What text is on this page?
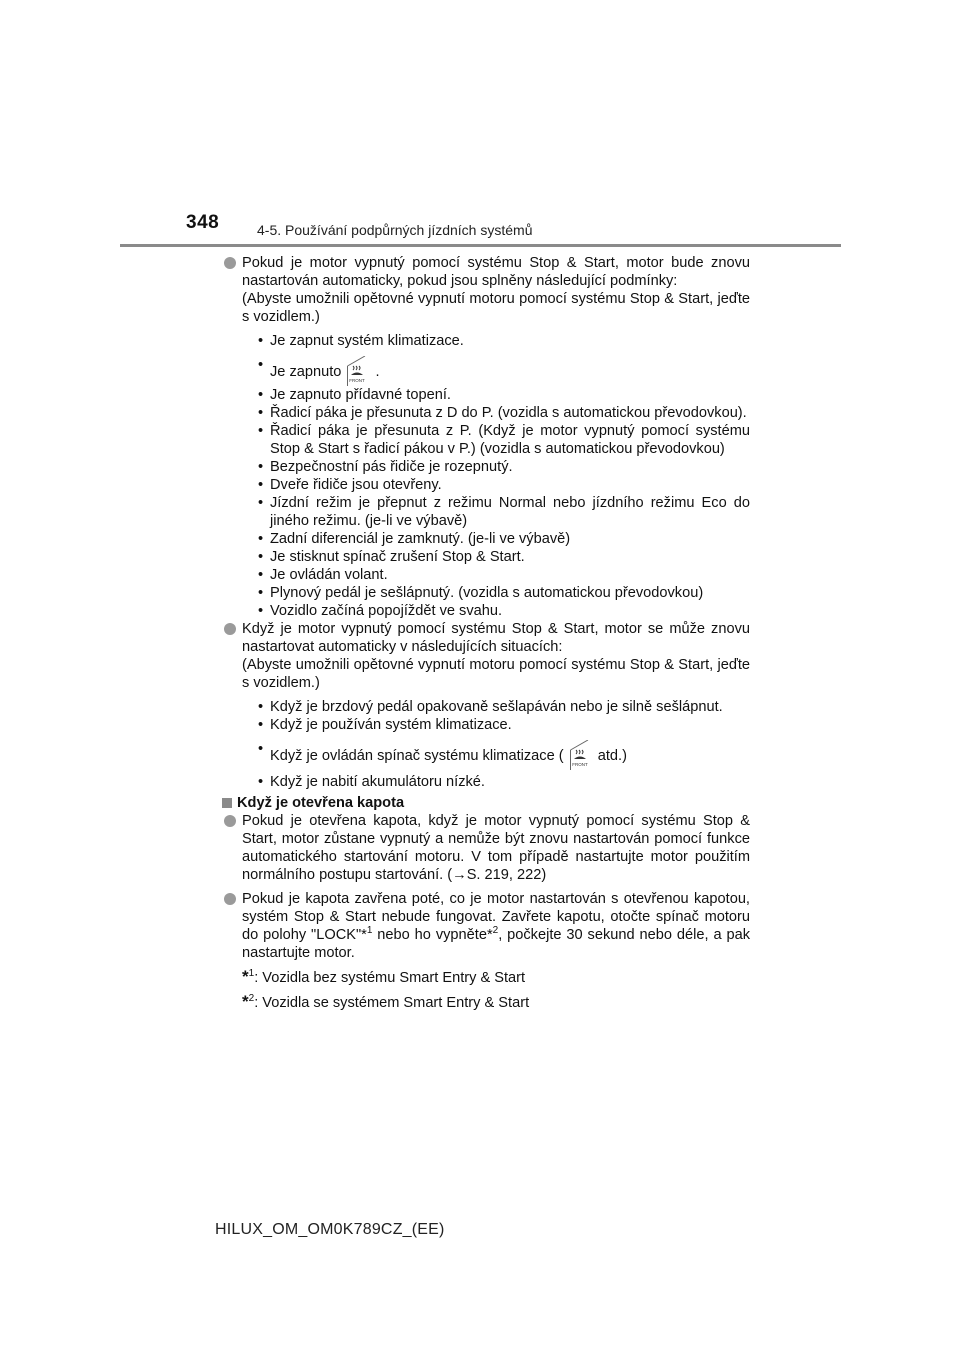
348	4-5. Používání podpůrných jízdních systémů
Pokud je motor vypnutý pomocí systému Stop & Start, motor bude znovu nastartován automaticky, pokud jsou splněny následující podmínky:
(Abyste umožnili opětovné vypnutí motoru pomocí systému Stop & Start, jeďte s vozidlem.)
• Je zapnut systém klimatizace.
• Je zapnuto
FRONT
.
• Je zapnuto přídavné topení.
• Řadicí páka je přesunuta z D do P. (vozidla s automatickou převodovkou).
• Řadicí páka je přesunuta z P. (Když je motor vypnutý pomocí systému Stop & Start s řadicí pákou v P.) (vozidla s automatickou převodovkou)
• Bezpečnostní pás řidiče je rozepnutý.
• Dveře řidiče jsou otevřeny.
• Jízdní režim je přepnut z režimu Normal nebo jízdního režimu Eco do jiného režimu. (je-li ve výbavě)
• Zadní diferenciál je zamknutý. (je-li ve výbavě)
• Je stisknut spínač zrušení Stop & Start.
• Je ovládán volant.
• Plynový pedál je sešlápnutý. (vozidla s automatickou převodovkou)
• Vozidlo začíná popojíždět ve svahu.
Když je motor vypnutý pomocí systému Stop & Start, motor se může znovu nastartovat automaticky v následujících situacích:
(Abyste umožnili opětovné vypnutí motoru pomocí systému Stop & Start, jeďte s vozidlem.)
• Když je brzdový pedál opakovaně sešlapáván nebo je silně sešlápnut.
• Když je používán systém klimatizace.
• Když je ovládán spínač systému klimatizace (
FRONT
atd.)
• Když je nabití akumulátoru nízké.
Když je otevřena kapota
Pokud je otevřena kapota, když je motor vypnutý pomocí systému Stop & Start, motor zůstane vypnutý a nemůže být znovu nastartován pomocí funkce automatického startování motoru. V tom případě nastartujte motor použitím normálního postupu startování. (→S. 219, 222)
Pokud je kapota zavřena poté, co je motor nastartován s otevřenou kapotou, systém Stop & Start nebude fungovat. Zavřete kapotu, otočte spínač motoru do polohy "LOCK"*$^1$ nebo ho vypněte*$^2$, počkejte 30 sekund nebo déle, a pak nastartujte motor.
*$^1$: Vozidla bez systému Smart Entry & Start
*$^2$: Vozidla se systémem Smart Entry & Start
HILUX_OM_OM0K789CZ_(EE)
